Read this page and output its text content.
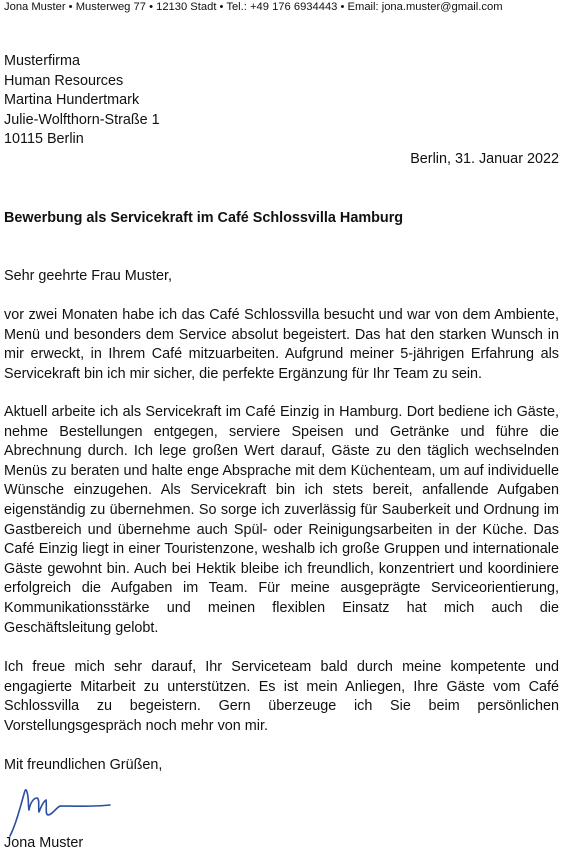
Jona Muster • Musterweg 77 • 12130 Stadt • Tel.: +49 176 6934443 • Email: jona.muster@gmail.com
Musterfirma
Human Resources
Martina Hundertmark
Julie-Wolfthorn-Straße 1
10115 Berlin
Berlin, 31. Januar 2022
Bewerbung als Servicekraft im Café Schlossvilla Hamburg
Sehr geehrte Frau Muster,

vor zwei Monaten habe ich das Café Schlossvilla besucht und war von dem Ambiente, Menü und besonders dem Service absolut begeistert. Das hat den starken Wunsch in mir erweckt, in Ihrem Café mitzuarbeiten. Aufgrund meiner 5-jährigen Erfahrung als Servicekraft bin ich mir sicher, die perfekte Ergänzung für Ihr Team zu sein.

Aktuell arbeite ich als Servicekraft im Café Einzig in Hamburg. Dort bediene ich Gäste, nehme Bestellungen entgegen, serviere Speisen und Getränke und führe die Abrechnung durch. Ich lege großen Wert darauf, Gäste zu den täglich wechselnden Menüs zu beraten und halte enge Absprache mit dem Küchenteam, um auf individuelle Wünsche einzugehen. Als Servicekraft bin ich stets bereit, anfallende Aufgaben eigenständig zu übernehmen. So sorge ich zuverlässig für Sauberkeit und Ordnung im Gastbereich und übernehme auch Spül- oder Reinigungsarbeiten in der Küche. Das Café Einzig liegt in einer Touristenzone, weshalb ich große Gruppen und internationale Gäste gewohnt bin. Auch bei Hektik bleibe ich freundlich, konzentriert und koordiniere erfolgreich die Aufgaben im Team. Für meine ausgeprägte Serviceorientierung, Kommunikationsstärke und meinen flexiblen Einsatz hat mich auch die Geschäftsleitung gelobt.

Ich freue mich sehr darauf, Ihr Serviceteam bald durch meine kompetente und engagierte Mitarbeit zu unterstützen. Es ist mein Anliegen, Ihre Gäste vom Café Schlossvilla zu begeistern. Gern überzeuge ich Sie beim persönlichen Vorstellungsgespräch noch mehr von mir.

Mit freundlichen Grüßen,
Jona Muster
